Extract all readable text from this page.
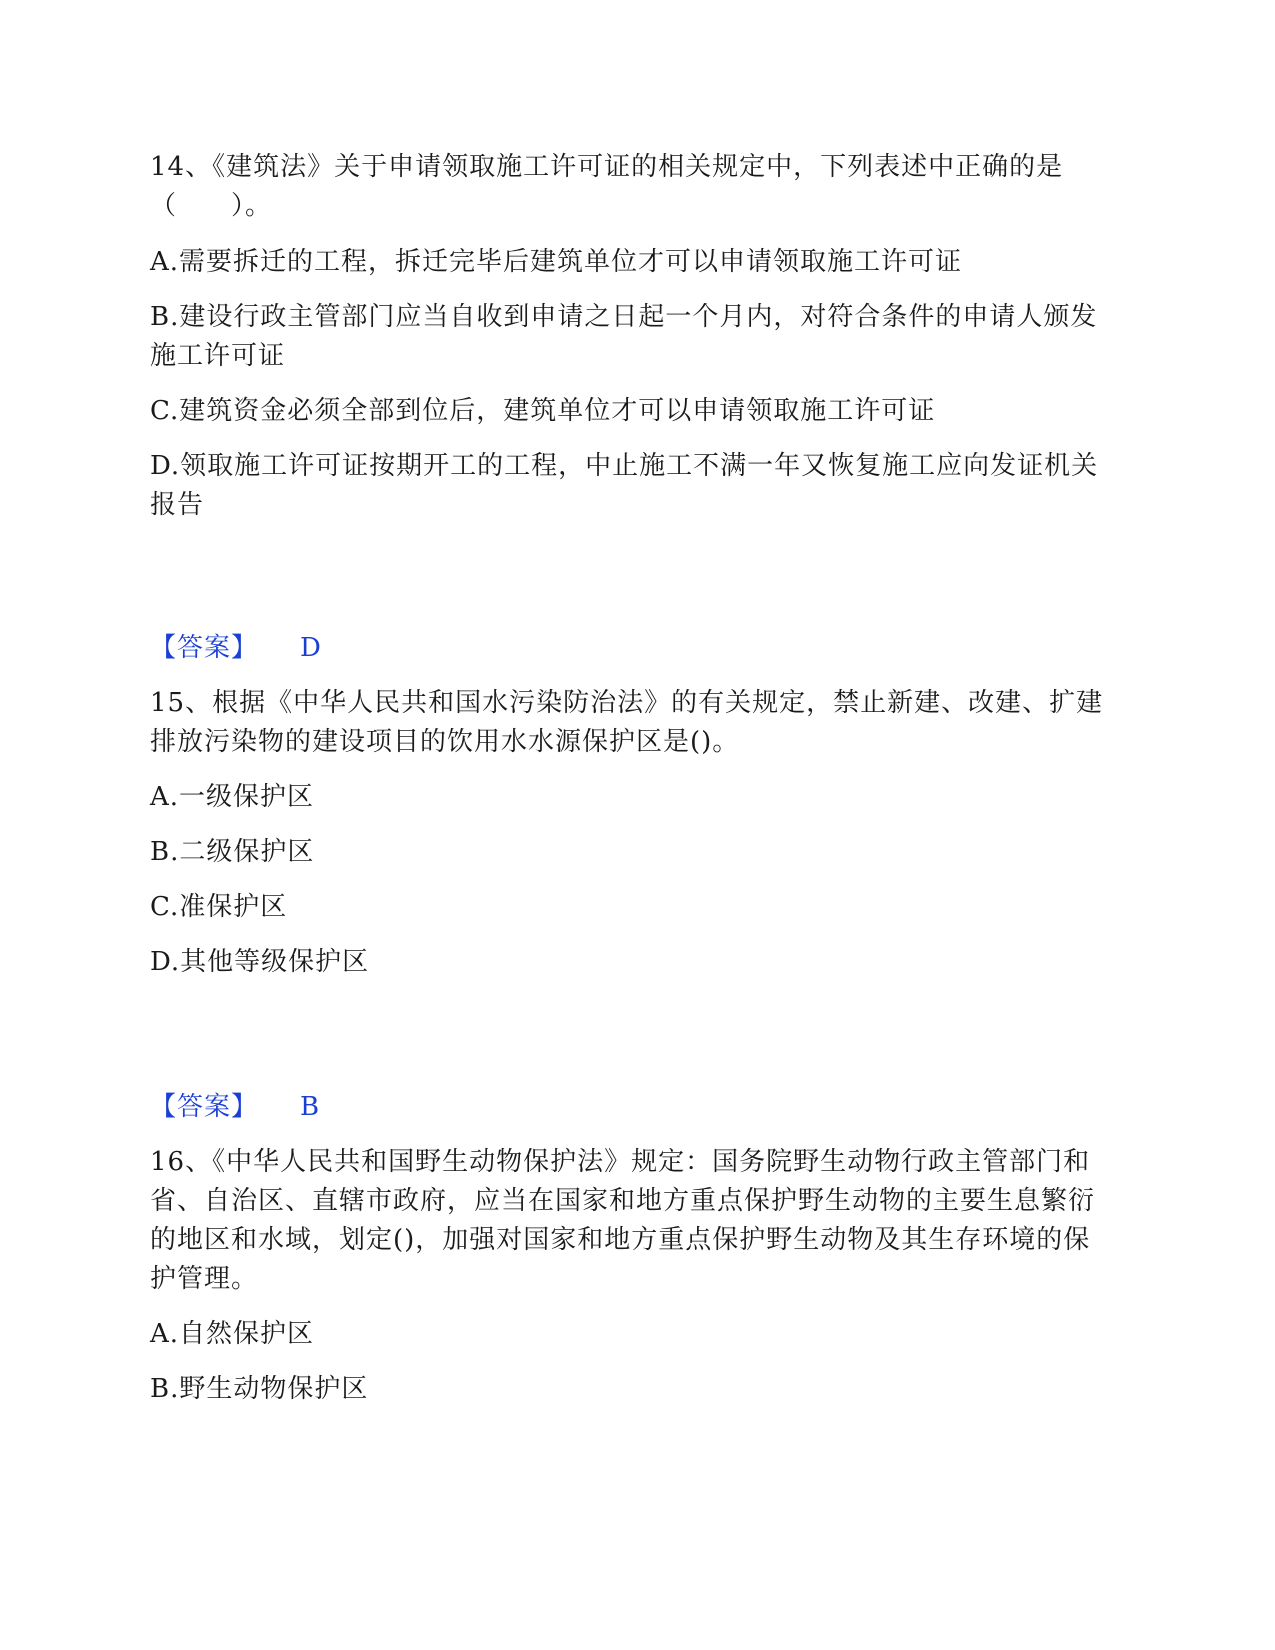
14、《建筑法》关于申请领取施工许可证的相关规定中，下列表述中正确的是（　　）。

A.需要拆迁的工程，拆迁完毕后建筑单位才可以申请领取施工许可证

B.建设行政主管部门应当自收到申请之日起一个月内，对符合条件的申请人颁发施工许可证

C.建筑资金必须全部到位后，建筑单位才可以申请领取施工许可证

D.领取施工许可证按期开工的工程，中止施工不满一年又恢复施工应向发证机关报告

【答案】 D

15、根据《中华人民共和国水污染防治法》的有关规定，禁止新建、改建、扩建排放污染物的建设项目的饮用水水源保护区是()。

A.一级保护区

B.二级保护区

C.准保护区

D.其他等级保护区

【答案】 B

16、《中华人民共和国野生动物保护法》规定：国务院野生动物行政主管部门和省、自治区、直辖市政府，应当在国家和地方重点保护野生动物的主要生息繁衍的地区和水域，划定()，加强对国家和地方重点保护野生动物及其生存环境的保护管理。

A.自然保护区

B.野生动物保护区
